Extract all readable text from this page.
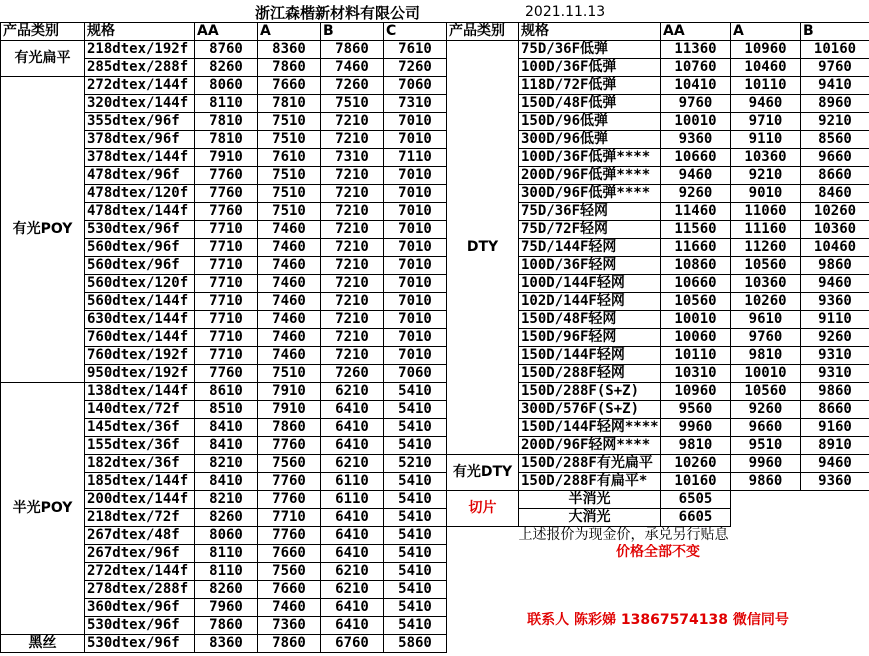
浙江森楷新材料有限公司	2021.11.13
产品类别	规格	AA	A	B	C
有光扁平	218dtex/192f	8760	8360	7860	7610
	285dtex/288f	8260	7860	7460	7260
有光POY	272dtex/144f	8060	7660	7260	7060
	320dtex/144f	8110	7810	7510	7310
	355dtex/96f	7810	7510	7210	7010
	378dtex/96f	7810	7510	7210	7010
	378dtex/144f	7910	7610	7310	7110
	478dtex/96f	7760	7510	7210	7010
	478dtex/120f	7760	7510	7210	7010
	478dtex/144f	7760	7510	7210	7010
	530dtex/96f	7710	7460	7210	7010
	560dtex/96f	7710	7460	7210	7010
	560dtex/96f	7710	7460	7210	7010
	560dtex/120f	7710	7460	7210	7010
	560dtex/144f	7710	7460	7210	7010
	630dtex/144f	7710	7460	7210	7010
	760dtex/144f	7710	7460	7210	7010
	760dtex/192f	7710	7460	7210	7010
	950dtex/192f	7760	7510	7260	7060
半光POY	138dtex/144f	8610	7910	6210	5410
	140dtex/72f	8510	7910	6410	5410
	145dtex/36f	8410	7860	6410	5410
	155dtex/36f	8410	7760	6410	5410
	182dtex/36f	8210	7560	6210	5210
	185dtex/144f	8410	7760	6110	5410
	200dtex/144f	8210	7760	6110	5410
	218dtex/72f	8260	7710	6410	5410
	267dtex/48f	8060	7760	6410	5410
	267dtex/96f	8110	7660	6410	5410
	272dtex/144f	8110	7560	6210	5410
	278dtex/288f	8260	7660	6210	5410
	360dtex/96f	7960	7460	6410	5410
	530dtex/96f	7860	7360	6410	5410
黑丝	530dtex/96f	8360	7860	6760	5860
产品类别	规格	AA	A	B
DTY	75D/36F低弹	11360	10960	10160
	100D/36F低弹	10760	10460	9760
	118D/72F低弹	10410	10110	9410
	150D/48F低弹	9760	9460	8960
	150D/96低弹	10010	9710	9210
	300D/96低弹	9360	9110	8560
	100D/36F低弹****	10660	10360	9660
	200D/96F低弹****	9460	9210	8660
	300D/96F低弹****	9260	9010	8460
	75D/36F轻网	11460	11060	10260
	75D/72F轻网	11560	11160	10360
	75D/144F轻网	11660	11260	10460
	100D/36F轻网	10860	10560	9860
	100D/144F轻网	10660	10360	9460
	102D/144F轻网	10560	10260	9360
	150D/48F轻网	10010	9610	9110
	150D/96F轻网	10060	9760	9260
	150D/144F轻网	10110	9810	9310
	150D/288F轻网	10310	10010	9310
	150D/288F(S+Z)	10960	10560	9860
	300D/576F(S+Z)	9560	9260	8660
	150D/144F轻网****	9960	9660	9160
	200D/96F轻网****	9810	9510	8910
有光DTY	150D/288F有光扁平	10260	9960	9460
	150D/288F有扁平*	10160	9860	9360
切片	半消光	6505		
	大消光	6605		
上述报价为现金价，承兑另行贴息				
价格全部不变				

联系人 陈彩娣 13867574138 微信同号				
